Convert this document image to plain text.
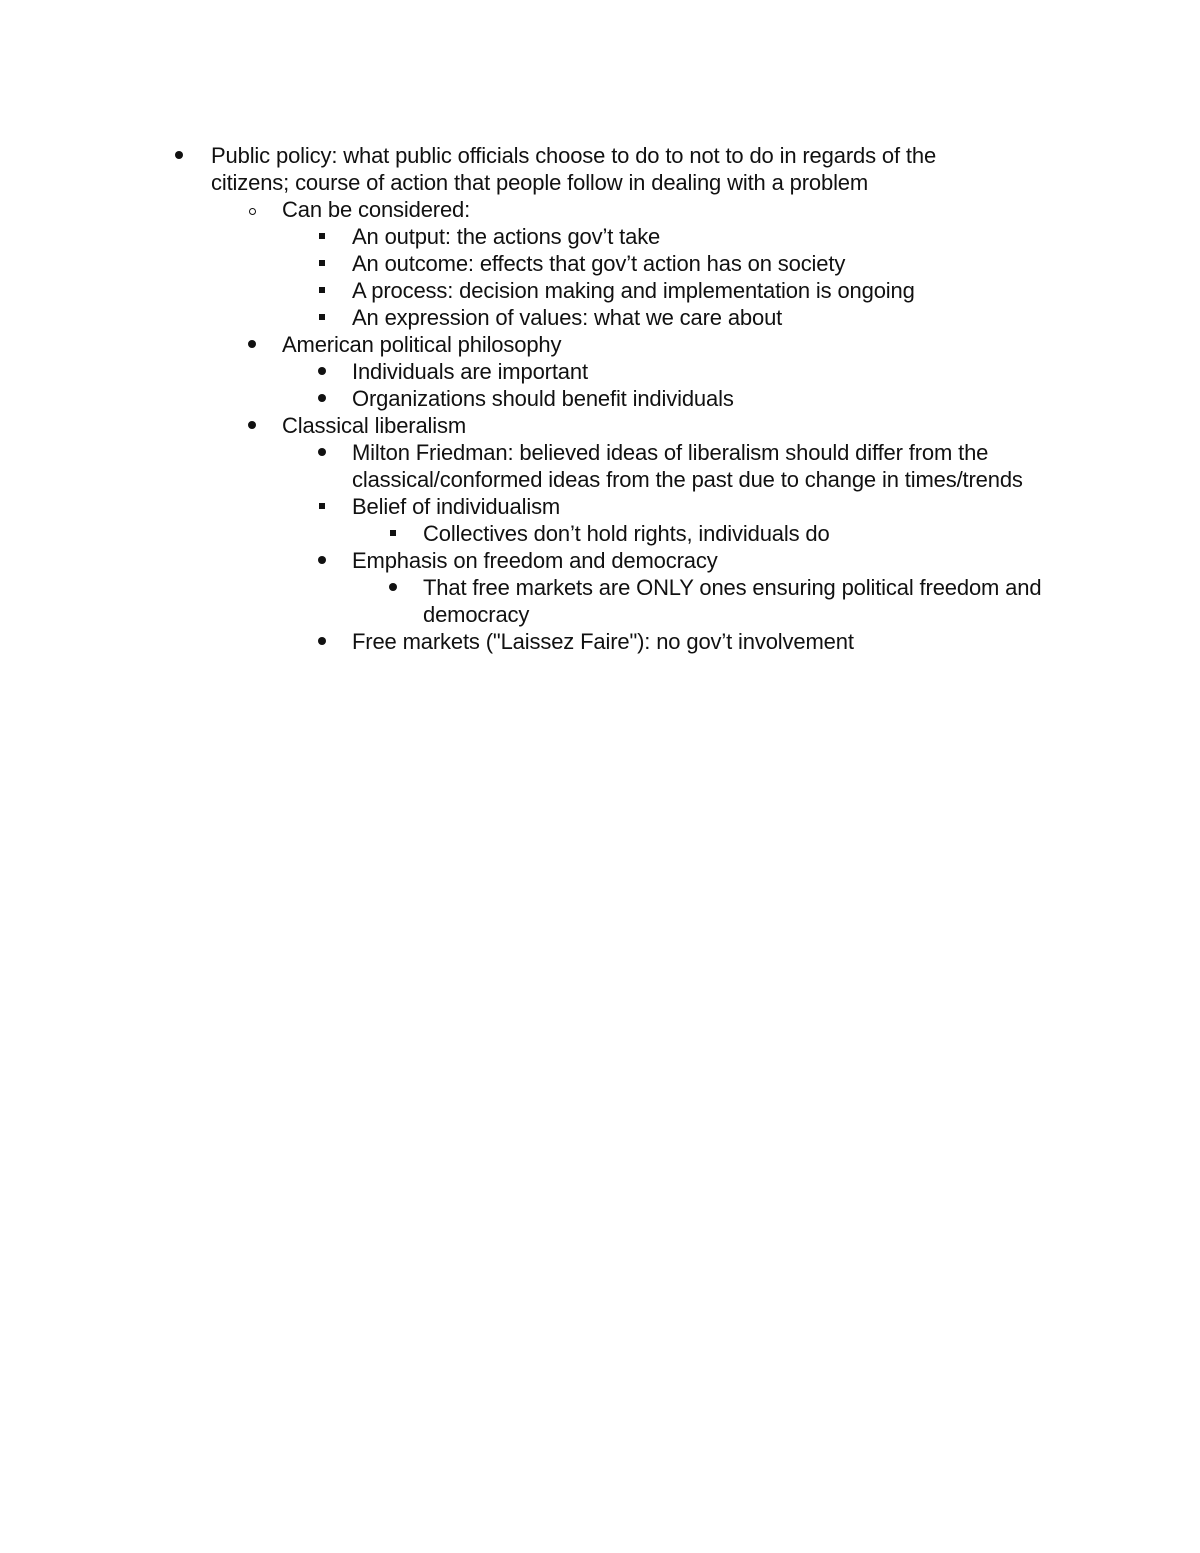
Public policy: what public officials choose to do to not to do in regards of the citizens; course of action that people follow in dealing with a problem
Can be considered:
An output: the actions gov’t take
An outcome: effects that gov’t action has on society
A process: decision making and implementation is ongoing
An expression of values: what we care about
American political philosophy
Individuals are important
Organizations should benefit individuals
Classical liberalism
Milton Friedman: believed ideas of liberalism should differ from the classical/conformed ideas from the past due to change in times/trends
Belief of individualism
Collectives don’t hold rights, individuals do
Emphasis on freedom and democracy
That free markets are ONLY ones ensuring political freedom and democracy
Free markets ("Laissez Faire"): no gov’t involvement
